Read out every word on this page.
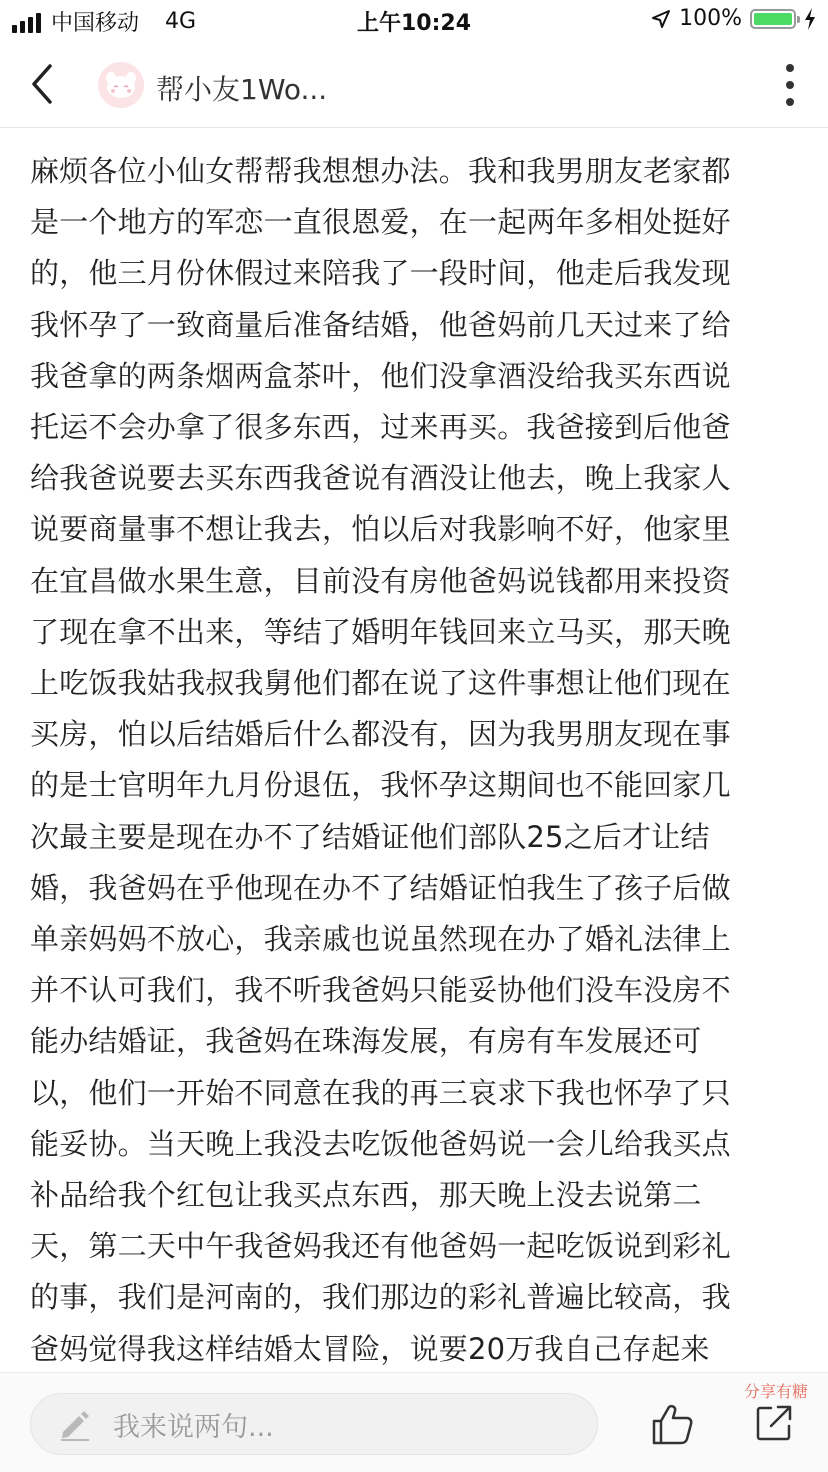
中国移动 4G	上午10:24	100%
帮小友1Wo...
麻烦各位小仙女帮帮我想想办法。我和我男朋友老家都
是一个地方的军恋一直很恩爱，在一起两年多相处挺好
的，他三月份休假过来陪我了一段时间，他走后我发现
我怀孕了一致商量后准备结婚，他爸妈前几天过来了给
我爸拿的两条烟两盒茶叶，他们没拿酒没给我买东西说
托运不会办拿了很多东西，过来再买。我爸接到后他爸
给我爸说要去买东西我爸说有酒没让他去，晚上我家人
说要商量事不想让我去，怕以后对我影响不好，他家里
在宜昌做水果生意，目前没有房他爸妈说钱都用来投资
了现在拿不出来，等结了婚明年钱回来立马买，那天晚
上吃饭我姑我叔我舅他们都在说了这件事想让他们现在
买房，怕以后结婚后什么都没有，因为我男朋友现在事
的是士官明年九月份退伍，我怀孕这期间也不能回家几
次最主要是现在办不了结婚证他们部队25之后才让结
婚，我爸妈在乎他现在办不了结婚证怕我生了孩子后做
单亲妈妈不放心，我亲戚也说虽然现在办了婚礼法律上
并不认可我们，我不听我爸妈只能妥协他们没车没房不
能办结婚证，我爸妈在珠海发展，有房有车发展还可
以，他们一开始不同意在我的再三哀求下我也怀孕了只
能妥协。当天晚上我没去吃饭他爸妈说一会儿给我买点
补品给我个红包让我买点东西，那天晚上没去说第二
天，第二天中午我爸妈我还有他爸妈一起吃饭说到彩礼
的事，我们是河南的，我们那边的彩礼普遍比较高，我
爸妈觉得我这样结婚太冒险，说要20万我自己存起来
分享有糖
我来说两句...
